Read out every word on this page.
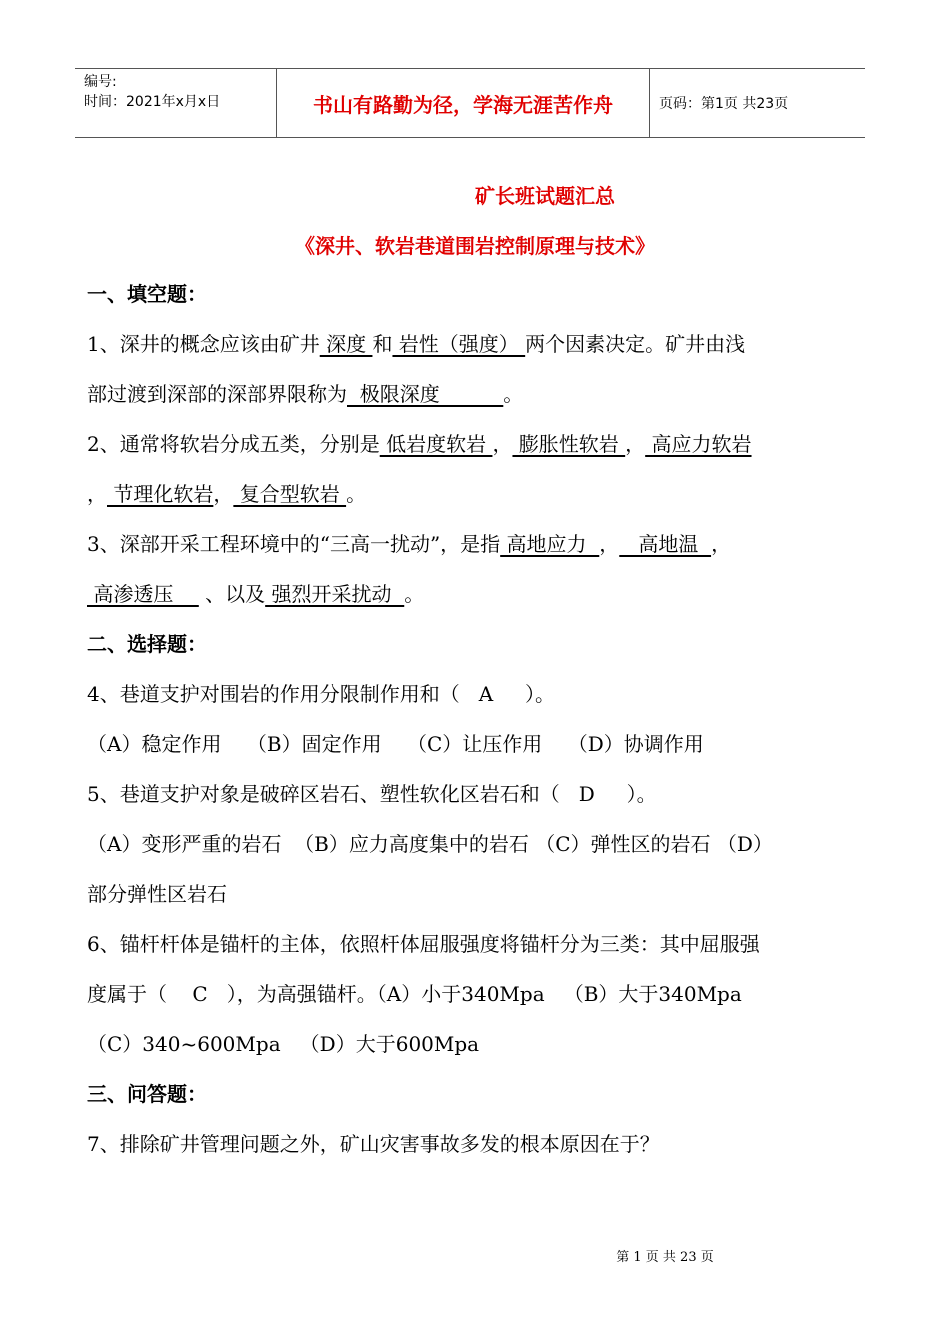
编号:
时间：2021年x月x日	书山有路勤为径，学海无涯苦作舟	页码：第1页 共23页
矿长班试题汇总
《深井、软岩巷道围岩控制原理与技术》
一、填空题：
1、深井的概念应该由矿井 深度 和 岩性（强度） 两个因素决定。矿井由浅
部过渡到深部的深部界限称为  极限深度          。
2、通常将软岩分成五类，分别是 低岩度软岩 ， 膨胀性软岩 ， 高应力软岩
， 节理化软岩， 复合型软岩 。
3、深部开采工程环境中的“三高一扰动”，是指 高地应力  ，   高地温  ，
高渗透压     、以及 强烈开采扰动  。
二、选择题：
4、巷道支护对围岩的作用分限制作用和（   A     ）。
（A）稳定作用    （B）固定作用    （C）让压作用    （D）协调作用
5、巷道支护对象是破碎区岩石、塑性软化区岩石和（   D     ）。
（A）变形严重的岩石  （B）应力高度集中的岩石 （C）弹性区的岩石 （D）
部分弹性区岩石
6、锚杆杆体是锚杆的主体，依照杆体屈服强度将锚杆分为三类：其中屈服强
度属于（    C   ），为高强锚杆。（A）小于340Mpa   （B）大于340Mpa
（C）340~600Mpa   （D）大于600Mpa
三、问答题：
7、排除矿井管理问题之外，矿山灾害事故多发的根本原因在于？
第 1 页 共 23 页
